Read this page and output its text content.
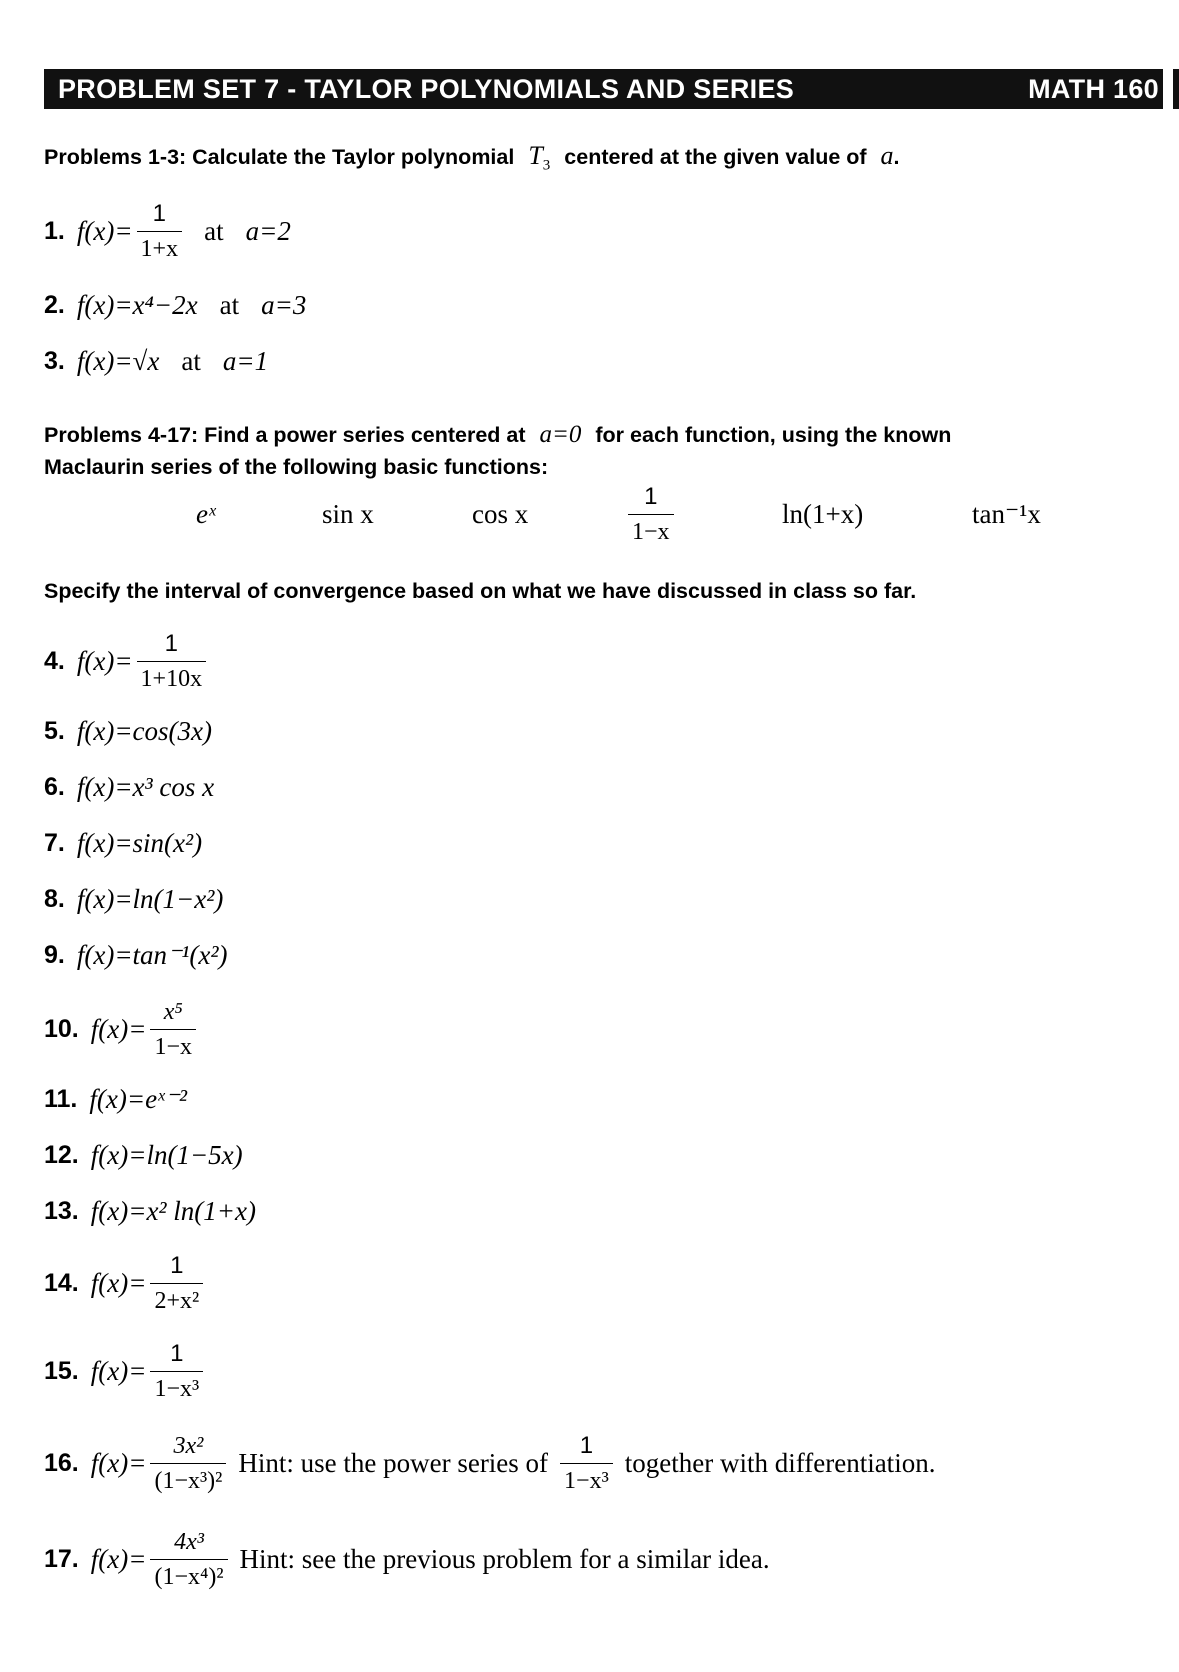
PROBLEM SET 7 - TAYLOR POLYNOMIALS AND SERIES	MATH 160
Problems 1-3: Calculate the Taylor polynomial $T_3$ centered at the given value of a.
1. $f(x)= \frac{1}{1+x}$ at a=2
2. f(x)=x⁴−2x at a=3
3. f(x)=√x at a=1
Problems 4-17: Find a power series centered at a=0 for each function, using the known
Maclaurin series of the following basic functions:
eˣ	sin x	cos x	$\frac{1}{1-x}$	ln(1+x)	tan⁻¹x
Specify the interval of convergence based on what we have discussed in class so far.
4. $f(x)= \frac{1}{1+10x}$
5. f(x)=cos(3x)
6. f(x)=x³ cos x
7. f(x)=sin(x²)
8. f(x)=ln(1−x²)
9. f(x)=tan⁻¹(x²)
10. $f(x)= \frac{\text{x⁵}}{1-x}$
11. f(x)=eˣ⁻²
12. f(x)=ln(1−5x)
13. f(x)=x² ln(1+x)
14. $f(x)= \frac{1}{\text{2+x²}}$
15. $f(x)= \frac{1}{\text{1−x³}}$
16. $f(x)= \frac{\text{3x²}}{\text{(1−x³)²}}$ Hint: use the power series of $\frac{1}{\text{1−x³}}$ together with differentiation.
17. $f(x)= \frac{\text{4x³}}{\text{(1−x⁴)²}}$ Hint: see the previous problem for a similar idea.
